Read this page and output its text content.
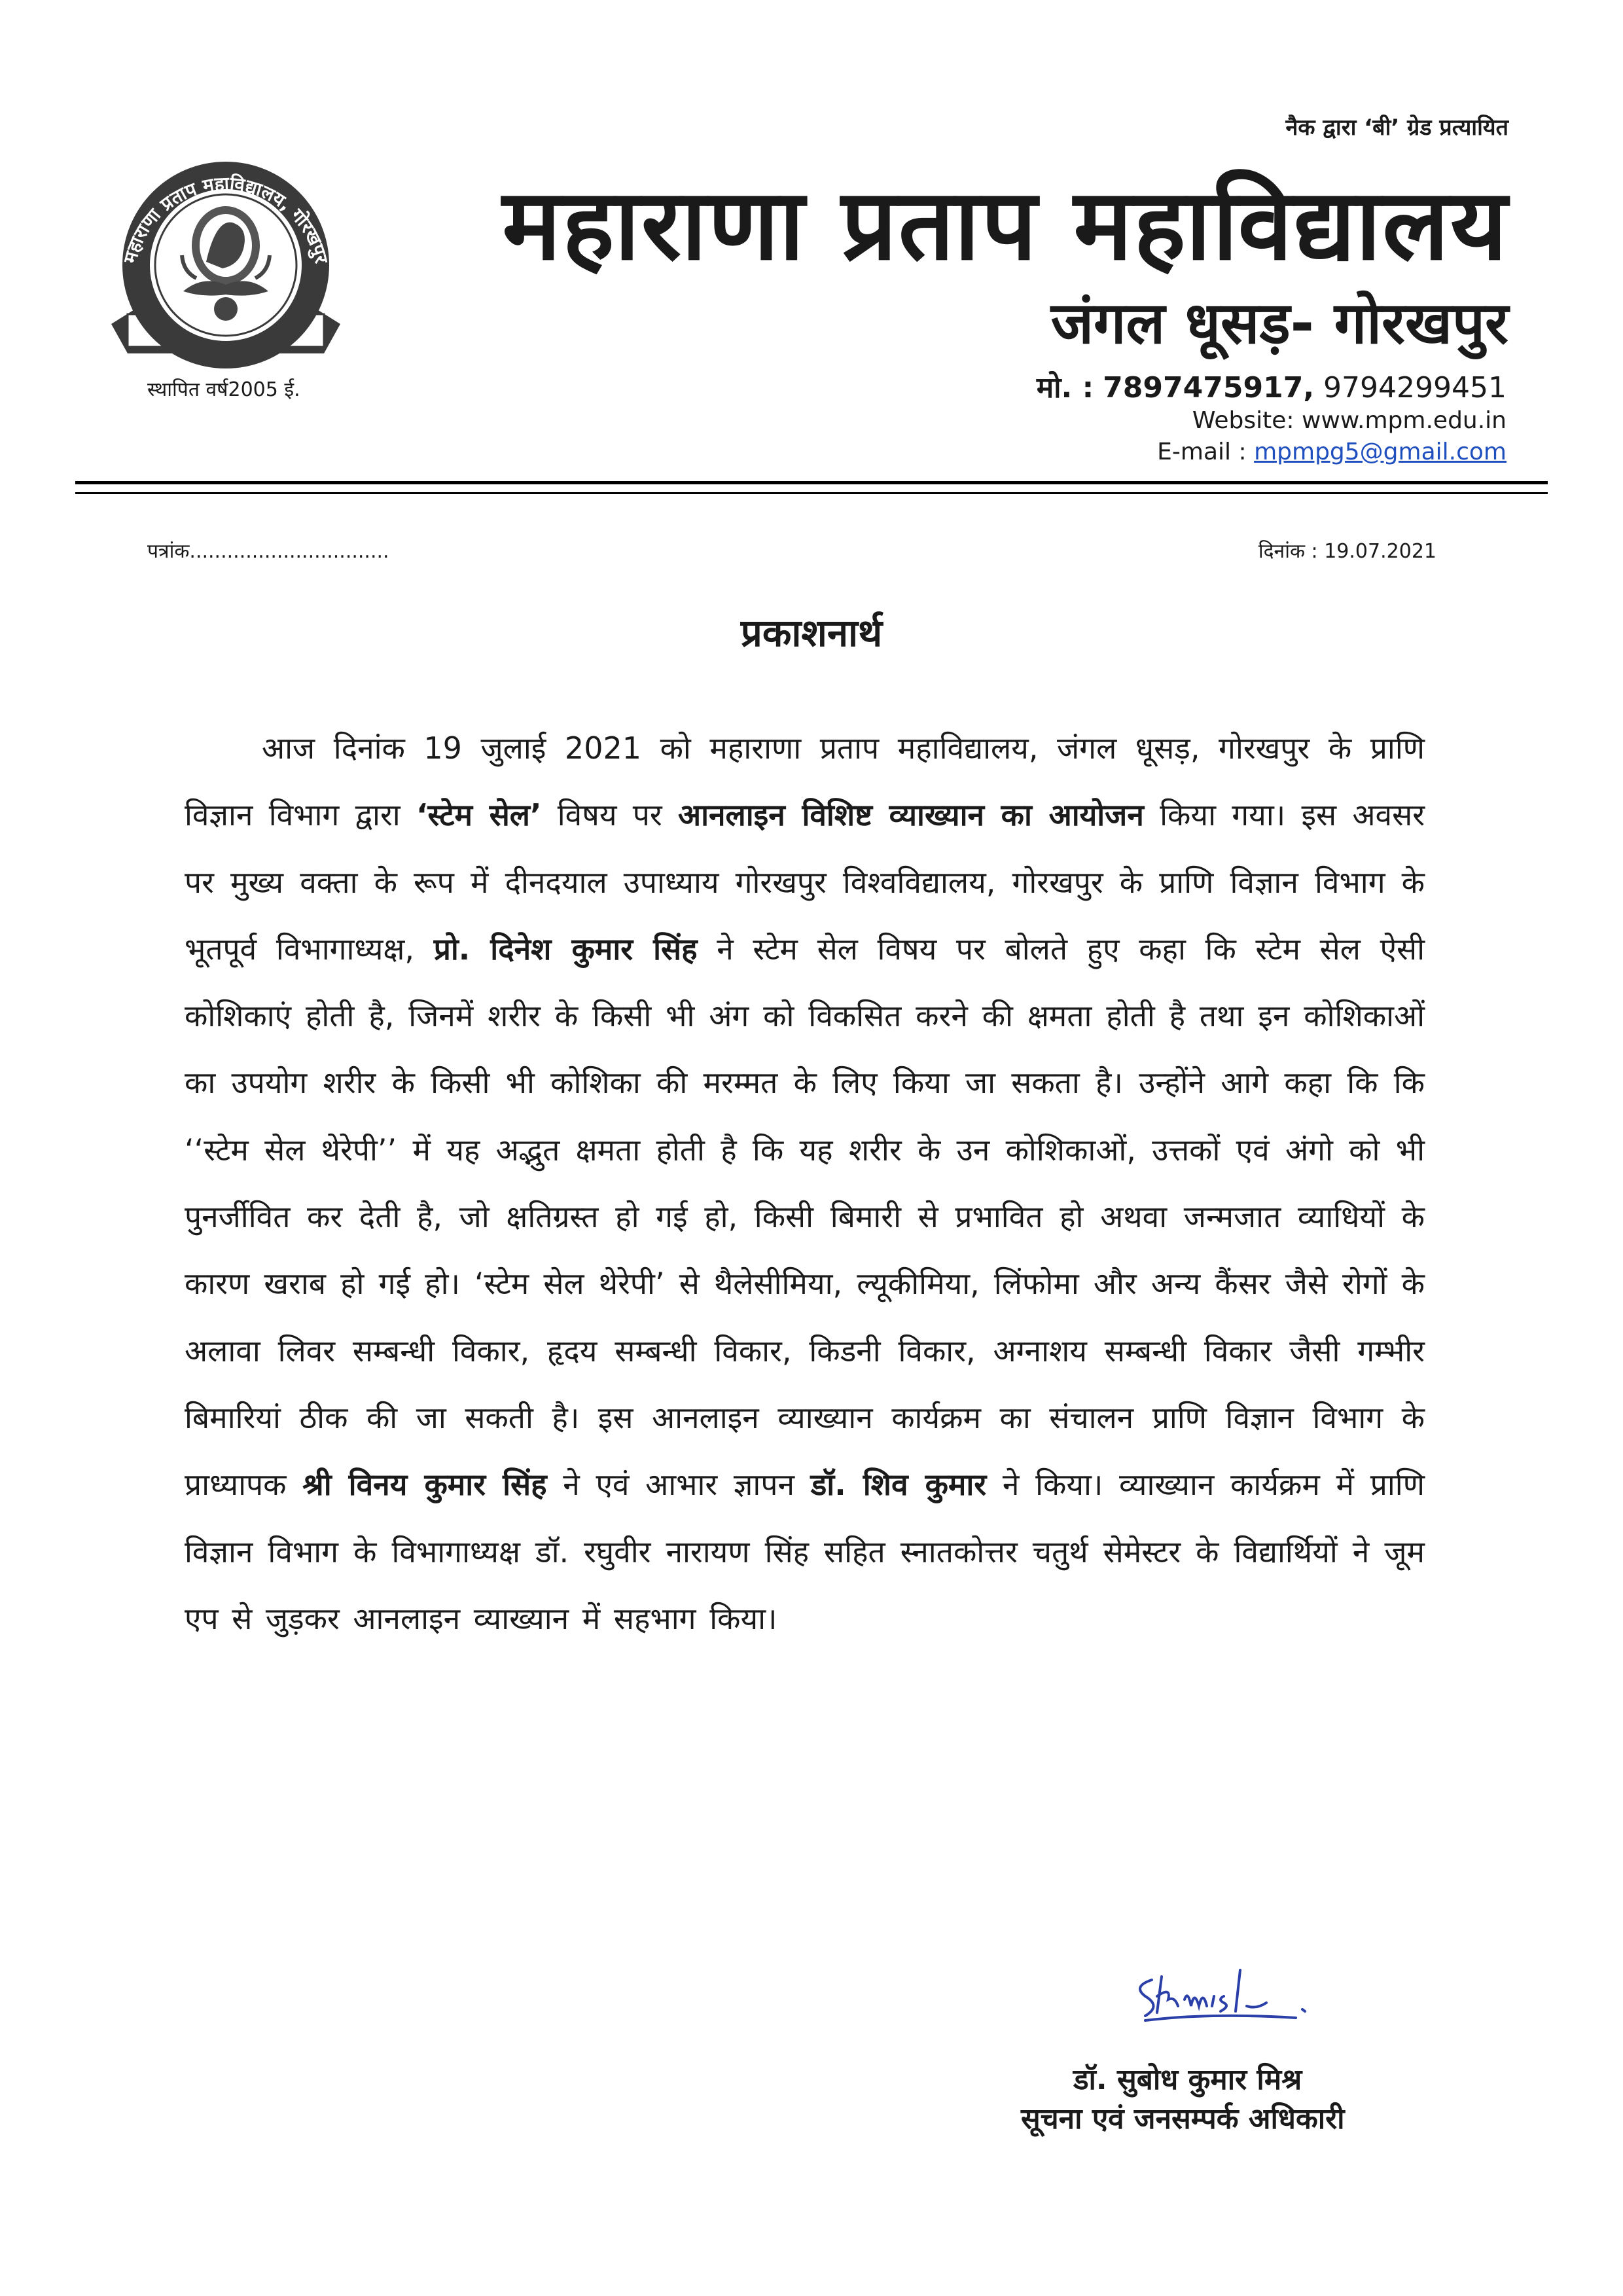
नैक द्वारा ‘बी’ ग्रेड प्रत्यायित
महाराणा प्रताप महाविद्यालय, गोरखपुर
स्थापित वर्ष2005 ई.
महाराणा प्रताप महाविद्यालय
जंगल धूसड़- गोरखपुर
मो. : 7897475917, 9794299451
Website: www.mpm.edu.in
E-mail : mpmpg5@gmail.com
पत्रांक................................	दिनांक : 19.07.2021
प्रकाशनार्थ
आज दिनांक 19 जुलाई 2021 को महाराणा प्रताप महाविद्यालय, जंगल धूसड़, गोरखपुर के प्राणि विज्ञान विभाग द्वारा ‘स्टेम सेल’ विषय पर आनलाइन विशिष्ट व्याख्यान का आयोजन किया गया। इस अवसर पर मुख्य वक्ता के रूप में दीनदयाल उपाध्याय गोरखपुर विश्वविद्यालय, गोरखपुर के प्राणि विज्ञान विभाग के भूतपूर्व विभागाध्यक्ष, प्रो. दिनेश कुमार सिंह ने स्टेम सेल विषय पर बोलते हुए कहा कि स्टेम सेल ऐसी कोशिकाएं होती है, जिनमें शरीर के किसी भी अंग को विकसित करने की क्षमता होती है तथा इन कोशिकाओं का उपयोग शरीर के किसी भी कोशिका की मरम्मत के लिए किया जा सकता है। उन्होंने आगे कहा कि कि ‘‘स्टेम सेल थेरेपी’’ में यह अद्भुत क्षमता होती है कि यह शरीर के उन कोशिकाओं, उत्तकों एवं अंगो को भी पुनर्जीवित कर देती है, जो क्षतिग्रस्त हो गई हो, किसी बिमारी से प्रभावित हो अथवा जन्मजात व्याधियों के कारण खराब हो गई हो। ‘स्टेम सेल थेरेपी’ से थैलेसीमिया, ल्यूकीमिया, लिंफोमा और अन्य कैंसर जैसे रोगों के अलावा लिवर सम्बन्धी विकार, हृदय सम्बन्धी विकार, किडनी विकार, अग्नाशय सम्बन्धी विकार जैसी गम्भीर बिमारियां ठीक की जा सकती है। इस आनलाइन व्याख्यान कार्यक्रम का संचालन प्राणि विज्ञान विभाग के प्राध्यापक श्री विनय कुमार सिंह ने एवं आभार ज्ञापन डॉ. शिव कुमार ने किया। व्याख्यान कार्यक्रम में प्राणि विज्ञान विभाग के विभागाध्यक्ष डॉ. रघुवीर नारायण सिंह सहित स्नातकोत्तर चतुर्थ सेमेस्टर के विद्यार्थियों ने जूम एप से जुड़कर आनलाइन व्याख्यान में सहभाग किया।
डॉ. सुबोध कुमार मिश्र
सूचना एवं जनसम्पर्क अधिकारी
